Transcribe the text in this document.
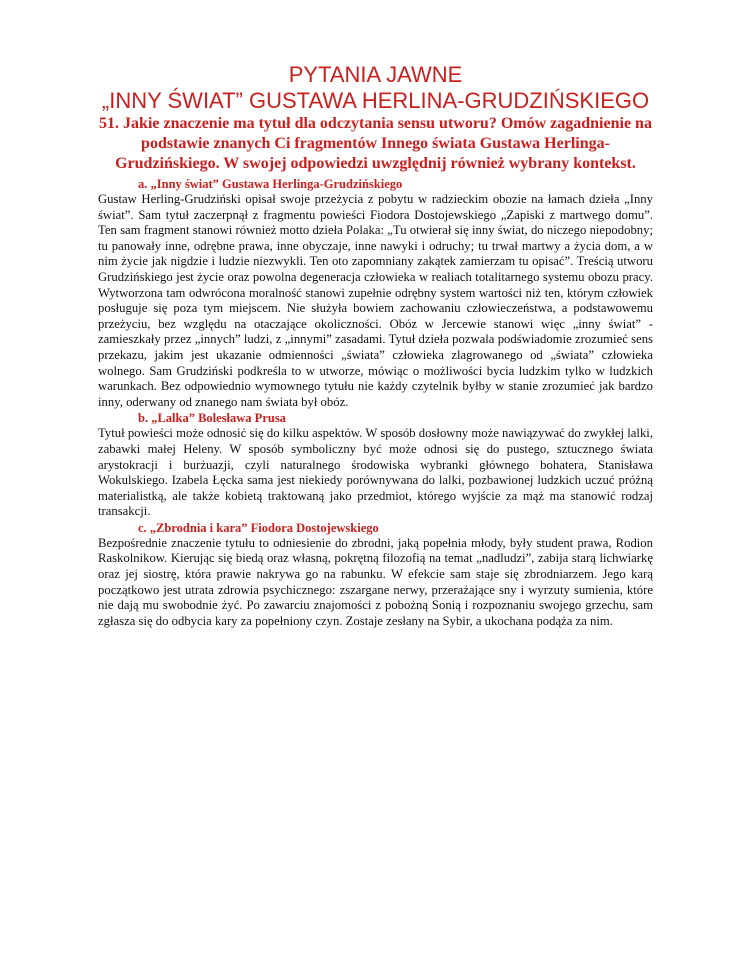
PYTANIA JAWNE
„INNY ŚWIAT” GUSTAWA HERLINA-GRUDZIŃSKIEGO

51. Jakie znaczenie ma tytuł dla odczytania sensu utworu? Omów zagadnienie na podstawie znanych Ci fragmentów Innego świata Gustawa Herlinga-Grudzińskiego. W swojej odpowiedzi uwzględnij również wybrany kontekst.

a. „Inny świat” Gustawa Herlinga-Grudzińskiego

Gustaw Herling-Grudziński opisał swoje przeżycia z pobytu w radzieckim obozie na łamach dzieła „Inny świat”. Sam tytuł zaczerpnął z fragmentu powieści Fiodora Dostojewskiego „Zapiski z martwego domu”. Ten sam fragment stanowi również motto dzieła Polaka: „Tu otwierał się inny świat, do niczego niepodobny; tu panowały inne, odrębne prawa, inne obyczaje, inne nawyki i odruchy; tu trwał martwy a życia dom, a w nim życie jak nigdzie i ludzie niezwykli. Ten oto zapomniany zakątek zamierzam tu opisać”. Treścią utworu Grudzińskiego jest życie oraz powolna degeneracja człowieka w realiach totalitarnego systemu obozu pracy. Wytworzona tam odwrócona moralność stanowi zupełnie odrębny system wartości niż ten, którym człowiek posługuje się poza tym miejscem. Nie służyła bowiem zachowaniu człowieczeństwa, a podstawowemu przeżyciu, bez względu na otaczające okoliczności. Obóz w Jercewie stanowi więc „inny świat” - zamieszkały przez „innych” ludzi, z „innymi” zasadami. Tytuł dzieła pozwala podświadomie zrozumieć sens przekazu, jakim jest ukazanie odmienności „świata” człowieka zlagrowanego od „świata” człowieka wolnego. Sam Grudziński podkreśla to w utworze, mówiąc o możliwości bycia ludzkim tylko w ludzkich warunkach. Bez odpowiednio wymownego tytułu nie każdy czytelnik byłby w stanie zrozumieć jak bardzo inny, oderwany od znanego nam świata był obóz.

b. „Lalka” Bolesława Prusa

Tytuł powieści może odnosić się do kilku aspektów. W sposób dosłowny może nawiązywać do zwykłej lalki, zabawki małej Heleny. W sposób symboliczny być może odnosi się do pustego, sztucznego świata arystokracji i burżuazji, czyli naturalnego środowiska wybranki głównego bohatera, Stanisława Wokulskiego. Izabela Łęcka sama jest niekiedy porównywana do lalki, pozbawionej ludzkich uczuć próżną materialistką, ale także kobietą traktowaną jako przedmiot, którego wyjście za mąż ma stanowić rodzaj transakcji.

c. „Zbrodnia i kara” Fiodora Dostojewskiego

Bezpośrednie znaczenie tytułu to odniesienie do zbrodni, jaką popełnia młody, były student prawa, Rodion Raskolnikow. Kierując się biedą oraz własną, pokrętną filozofią na temat „nadludzi”, zabija starą lichwiarkę oraz jej siostrę, która prawie nakrywa go na rabunku. W efekcie sam staje się zbrodniarzem. Jego karą początkowo jest utrata zdrowia psychicznego: zszargane nerwy, przerażające sny i wyrzuty sumienia, które nie dają mu swobodnie żyć. Po zawarciu znajomości z pobożną Sonią i rozpoznaniu swojego grzechu, sam zgłasza się do odbycia kary za popełniony czyn. Zostaje zesłany na Sybir, a ukochana podąża za nim.
